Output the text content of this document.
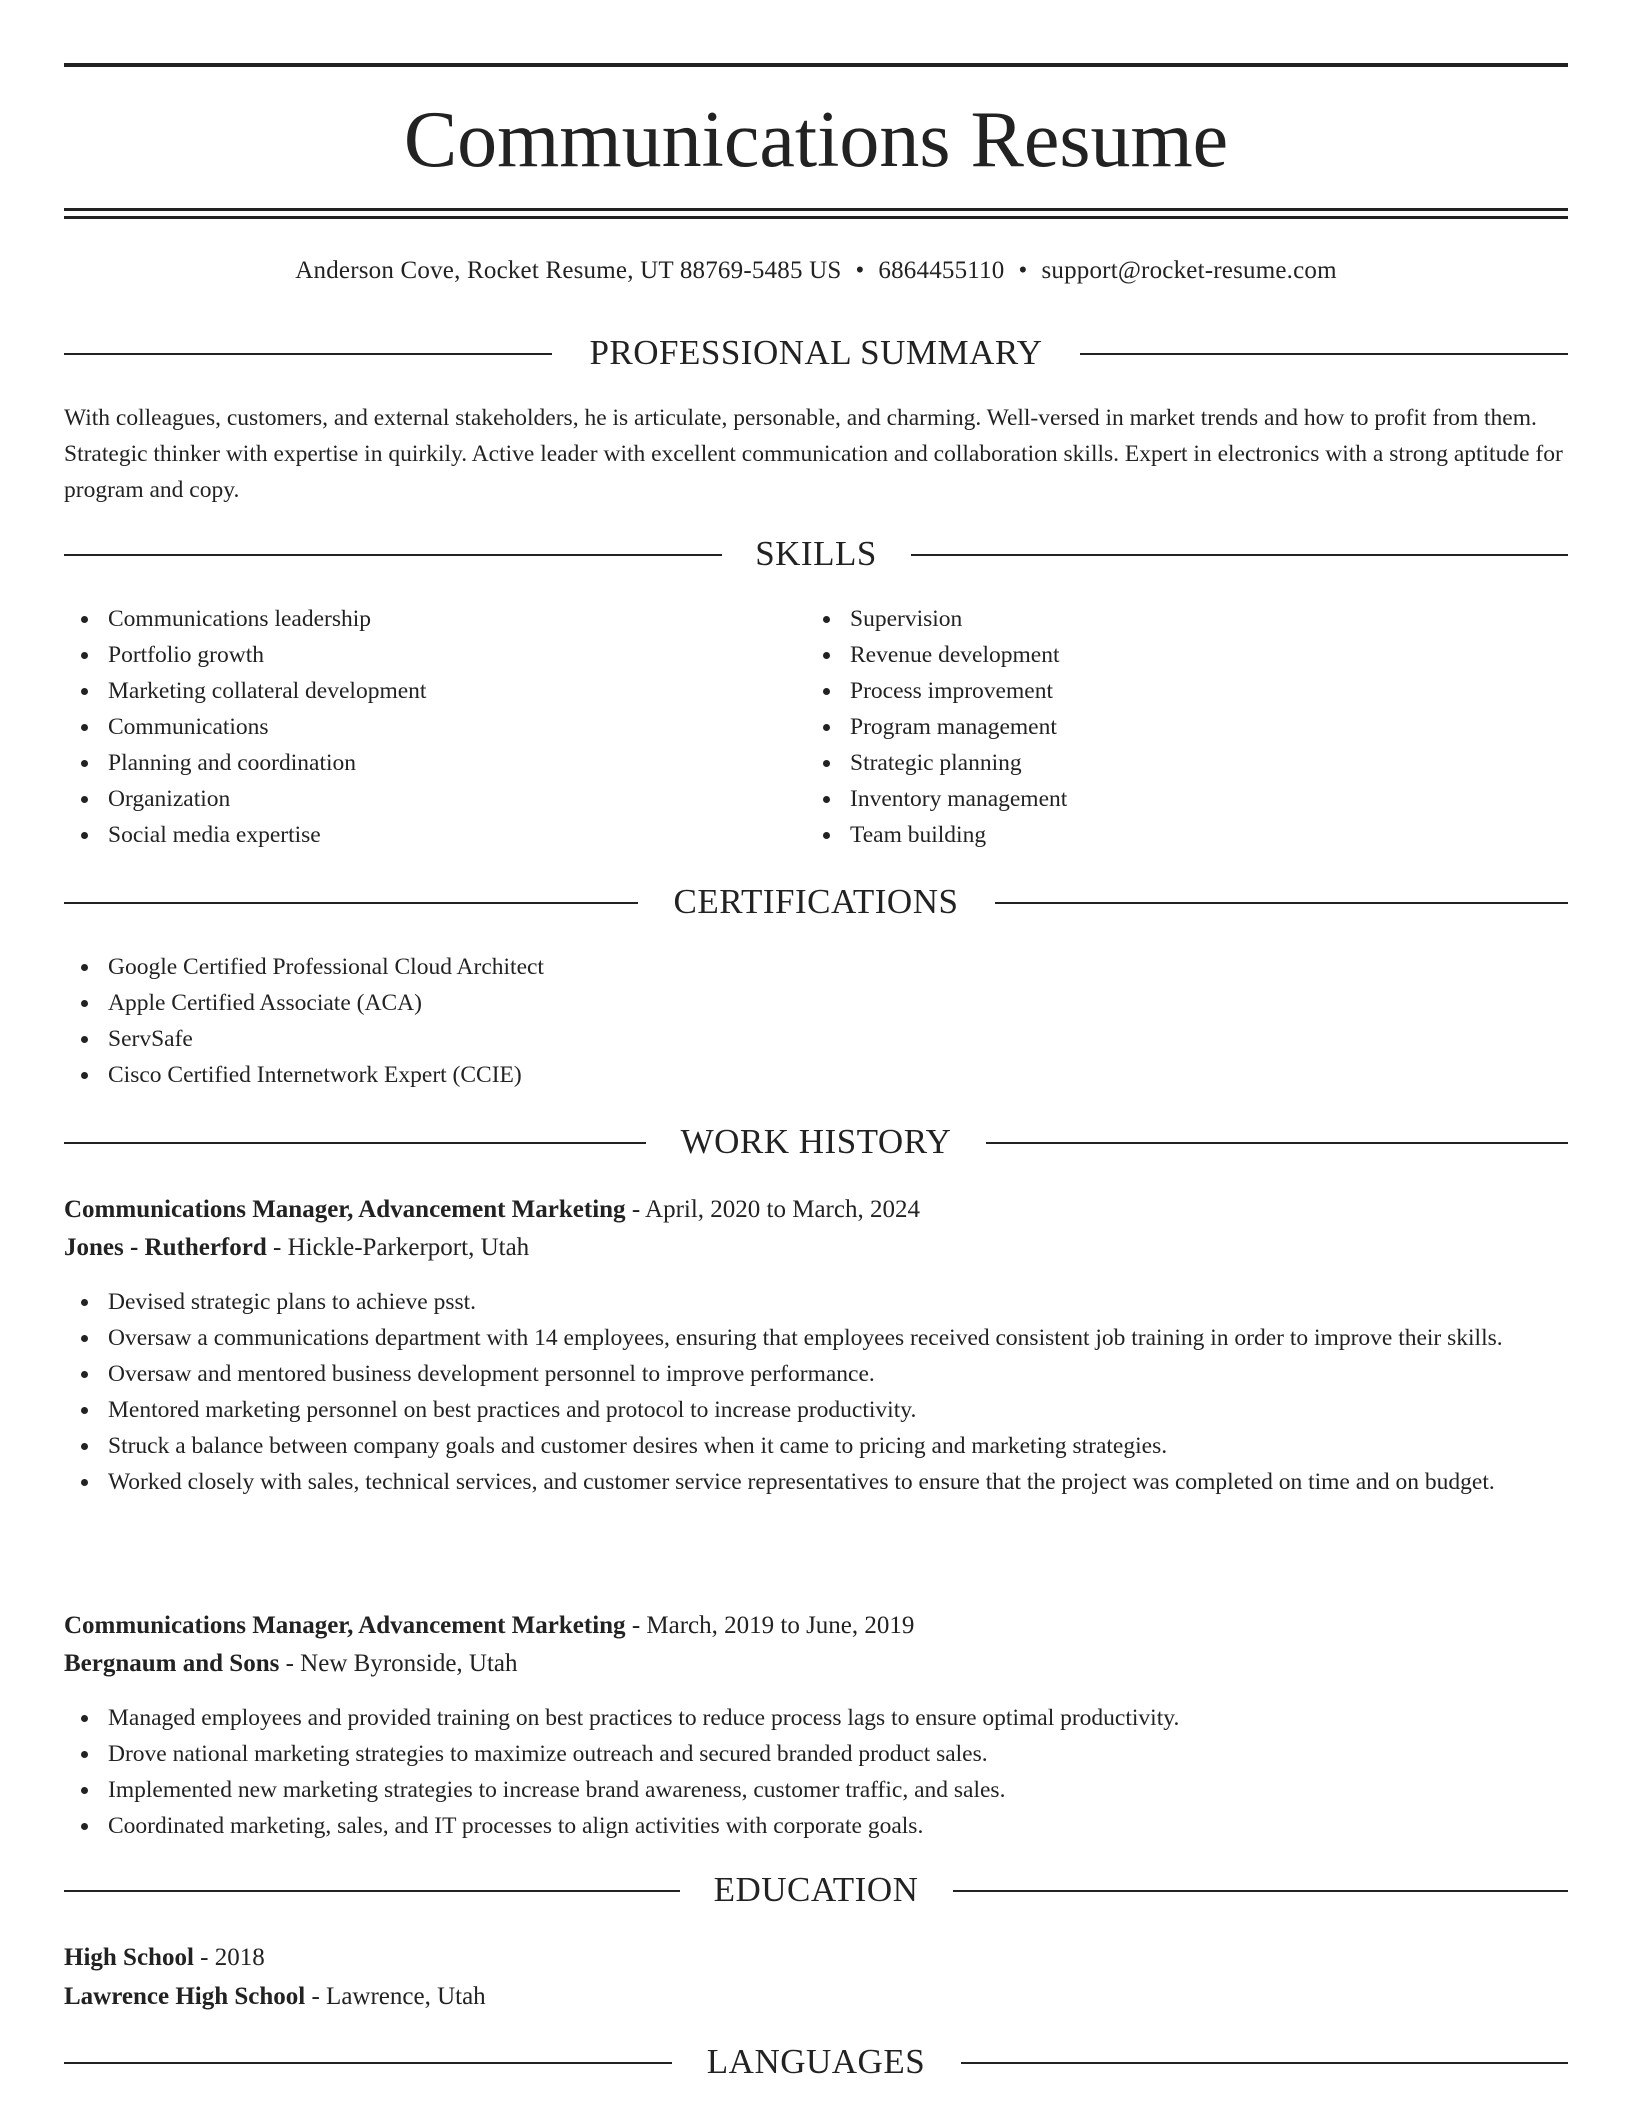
Communications Resume
Anderson Cove, Rocket Resume, UT 88769-5485 US • 6864455110 • support@rocket-resume.com
PROFESSIONAL SUMMARY

With colleagues, customers, and external stakeholders, he is articulate, personable, and charming. Well-versed in market trends and how to profit from them. Strategic thinker with expertise in quirkily. Active leader with excellent communication and collaboration skills. Expert in electronics with a strong aptitude for program and copy.

SKILLS
Communications leadership
Portfolio growth
Marketing collateral development
Communications
Planning and coordination
Organization
Social media expertise
Supervision
Revenue development
Process improvement
Program management
Strategic planning
Inventory management
Team building
CERTIFICATIONS
Google Certified Professional Cloud Architect
Apple Certified Associate (ACA)
ServSafe
Cisco Certified Internetwork Expert (CCIE)
WORK HISTORY
Communications Manager, Advancement Marketing - April, 2020 to March, 2024
Jones - Rutherford - Hickle-Parkerport, Utah
Devised strategic plans to achieve psst.
Oversaw a communications department with 14 employees, ensuring that employees received consistent job training in order to improve their skills.
Oversaw and mentored business development personnel to improve performance.
Mentored marketing personnel on best practices and protocol to increase productivity.
Struck a balance between company goals and customer desires when it came to pricing and marketing strategies.
Worked closely with sales, technical services, and customer service representatives to ensure that the project was completed on time and on budget.
Communications Manager, Advancement Marketing - March, 2019 to June, 2019
Bergnaum and Sons - New Byronside, Utah
Managed employees and provided training on best practices to reduce process lags to ensure optimal productivity.
Drove national marketing strategies to maximize outreach and secured branded product sales.
Implemented new marketing strategies to increase brand awareness, customer traffic, and sales.
Coordinated marketing, sales, and IT processes to align activities with corporate goals.
EDUCATION
High School - 2018
Lawrence High School - Lawrence, Utah
LANGUAGES
